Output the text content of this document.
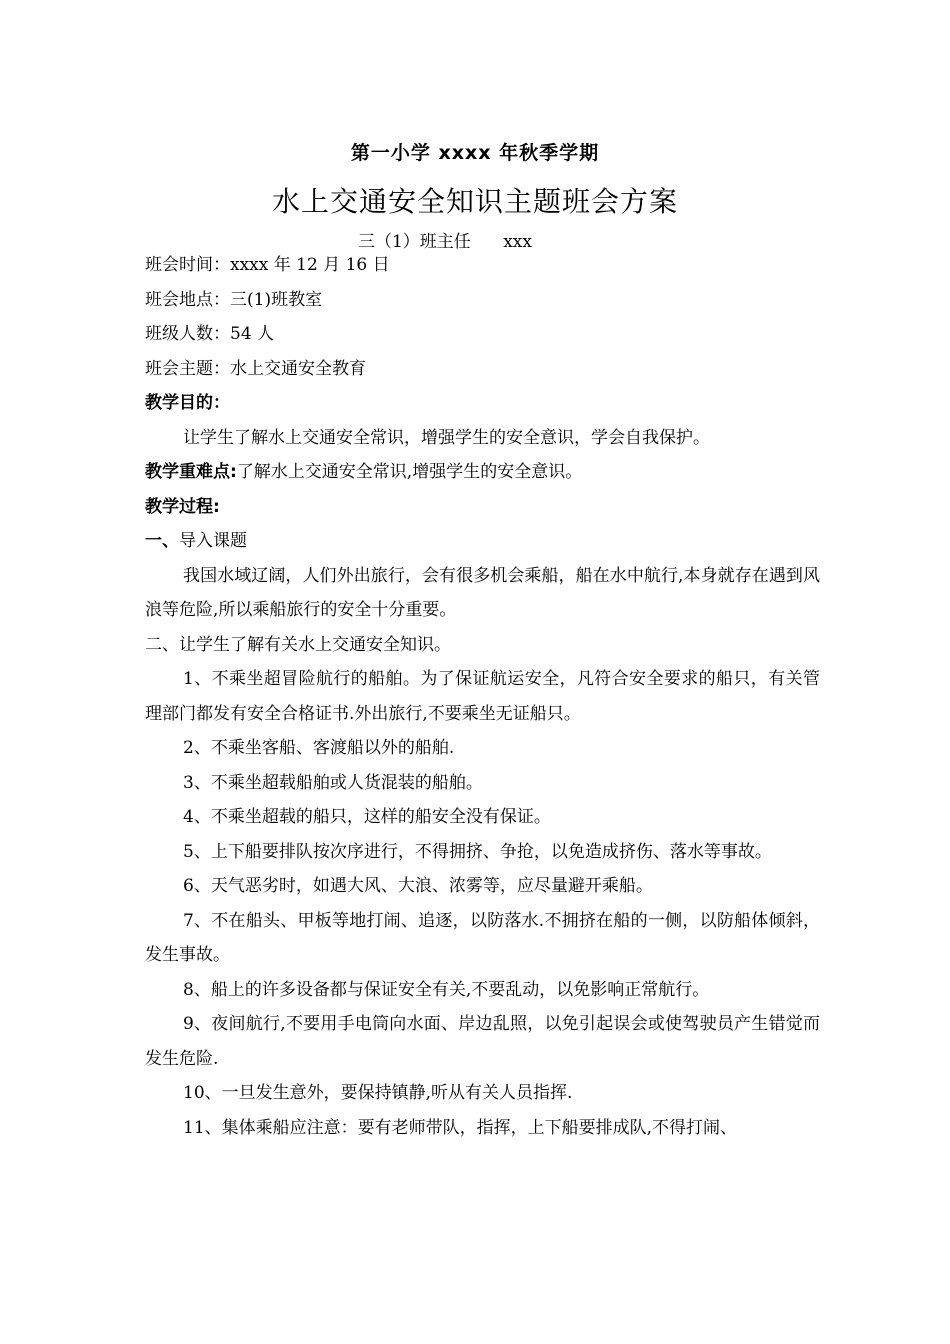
第一小学 xxxx 年秋季学期
水上交通安全知识主题班会方案
三（1）班主任      xxx
班会时间：xxxx 年 12 月 16 日
班会地点：三(1)班教室
班级人数：54 人
班会主题：水上交通安全教育
教学目的：
让学生了解水上交通安全常识，增强学生的安全意识，学会自我保护。
教学重难点:了解水上交通安全常识,增强学生的安全意识。
教学过程:
一、导入课题
我国水域辽阔，人们外出旅行，会有很多机会乘船，船在水中航行,本身就存在遇到风浪等危险,所以乘船旅行的安全十分重要。
二、让学生了解有关水上交通安全知识。
1、不乘坐超冒险航行的船舶。为了保证航运安全，凡符合安全要求的船只，有关管理部门都发有安全合格证书.外出旅行,不要乘坐无证船只。
2、不乘坐客船、客渡船以外的船舶.
3、不乘坐超载船舶或人货混装的船舶。
4、不乘坐超载的船只，这样的船安全没有保证。
5、上下船要排队按次序进行，不得拥挤、争抢，以免造成挤伤、落水等事故。
6、天气恶劣时，如遇大风、大浪、浓雾等，应尽量避开乘船。
7、不在船头、甲板等地打闹、追逐，以防落水.不拥挤在船的一侧，以防船体倾斜，发生事故。
8、船上的许多设备都与保证安全有关,不要乱动，以免影响正常航行。
9、夜间航行,不要用手电筒向水面、岸边乱照，以免引起误会或使驾驶员产生错觉而发生危险.
10、一旦发生意外，要保持镇静,听从有关人员指挥.
11、集体乘船应注意：要有老师带队，指挥，上下船要排成队,不得打闹、
